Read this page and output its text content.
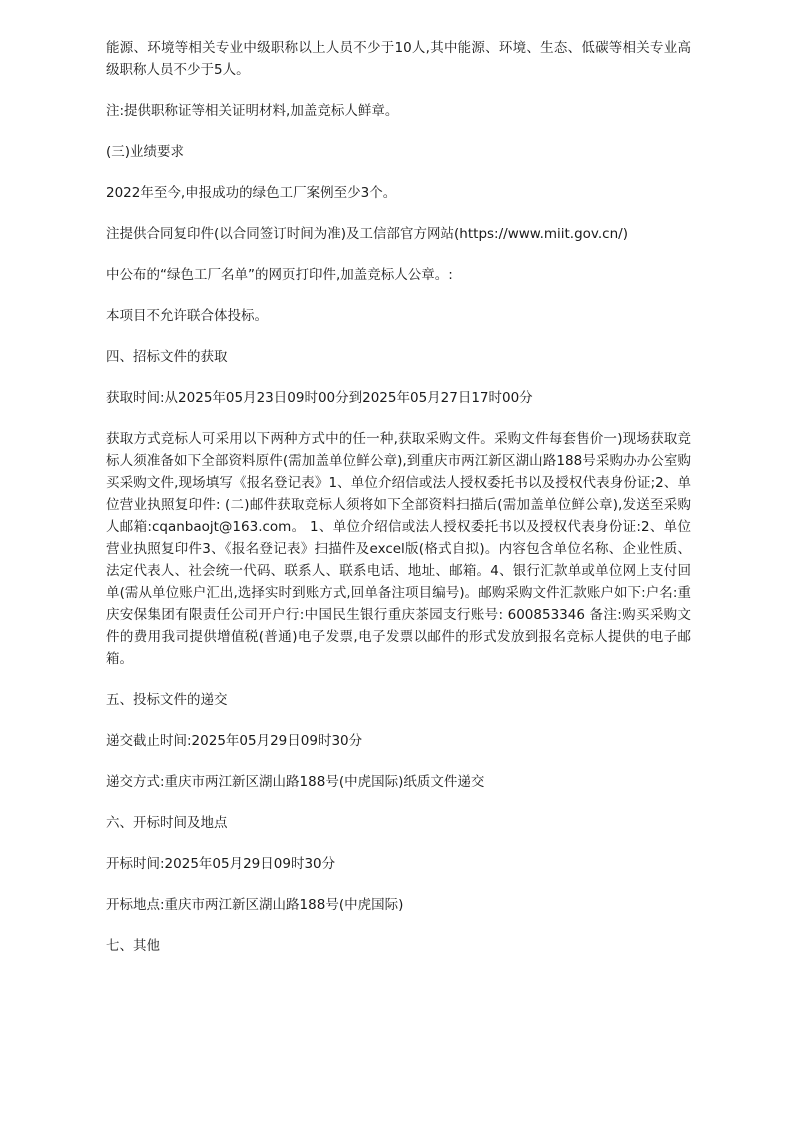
能源、环境等相关专业中级职称以上人员不少于10人,其中能源、环境、生态、低碳等相关专业高级职称人员不少于5人。

注:提供职称证等相关证明材料,加盖竞标人鲜章。

(三)业绩要求

2022年至今,申报成功的绿色工厂案例至少3个。

注提供合同复印件(以合同签订时间为准)及工信部官方网站(https://www.miit.gov.cn/)

中公布的“绿色工厂名单”的网页打印件,加盖竞标人公章。:

本项目不允许联合体投标。

四、招标文件的获取

获取时间:从2025年05月23日09时00分到2025年05月27日17时00分

获取方式竞标人可采用以下两种方式中的任一种,获取采购文件。采购文件每套售价一)现场获取竞标人须准备如下全部资料原件(需加盖单位鲜公章),到重庆市两江新区湖山路188号采购办办公室购买采购文件,现场填写《报名登记表》1、单位介绍信或法人授权委托书以及授权代表身份证;2、单位营业执照复印件: (二)邮件获取竞标人须将如下全部资料扫描后(需加盖单位鲜公章),发送至采购人邮箱:cqanbaojt@163.com。 1、单位介绍信或法人授权委托书以及授权代表身份证:2、单位营业执照复印件3、《报名登记表》扫描件及excel版(格式自拟)。内容包含单位名称、企业性质、法定代表人、社会统一代码、联系人、联系电话、地址、邮箱。4、银行汇款单或单位网上支付回单(需从单位账户汇出,选择实时到账方式,回单备注项目编号)。邮购采购文件汇款账户如下:户名:重庆安保集团有限责任公司开户行:中国民生银行重庆茶园支行账号: 600853346 备注:购买采购文件的费用我司提供增值税(普通)电子发票,电子发票以邮件的形式发放到报名竞标人提供的电子邮箱。

五、投标文件的递交

递交截止时间:2025年05月29日09时30分

递交方式:重庆市两江新区湖山路188号(中虎国际)纸质文件递交

六、开标时间及地点

开标时间:2025年05月29日09时30分

开标地点:重庆市两江新区湖山路188号(中虎国际)

七、其他
